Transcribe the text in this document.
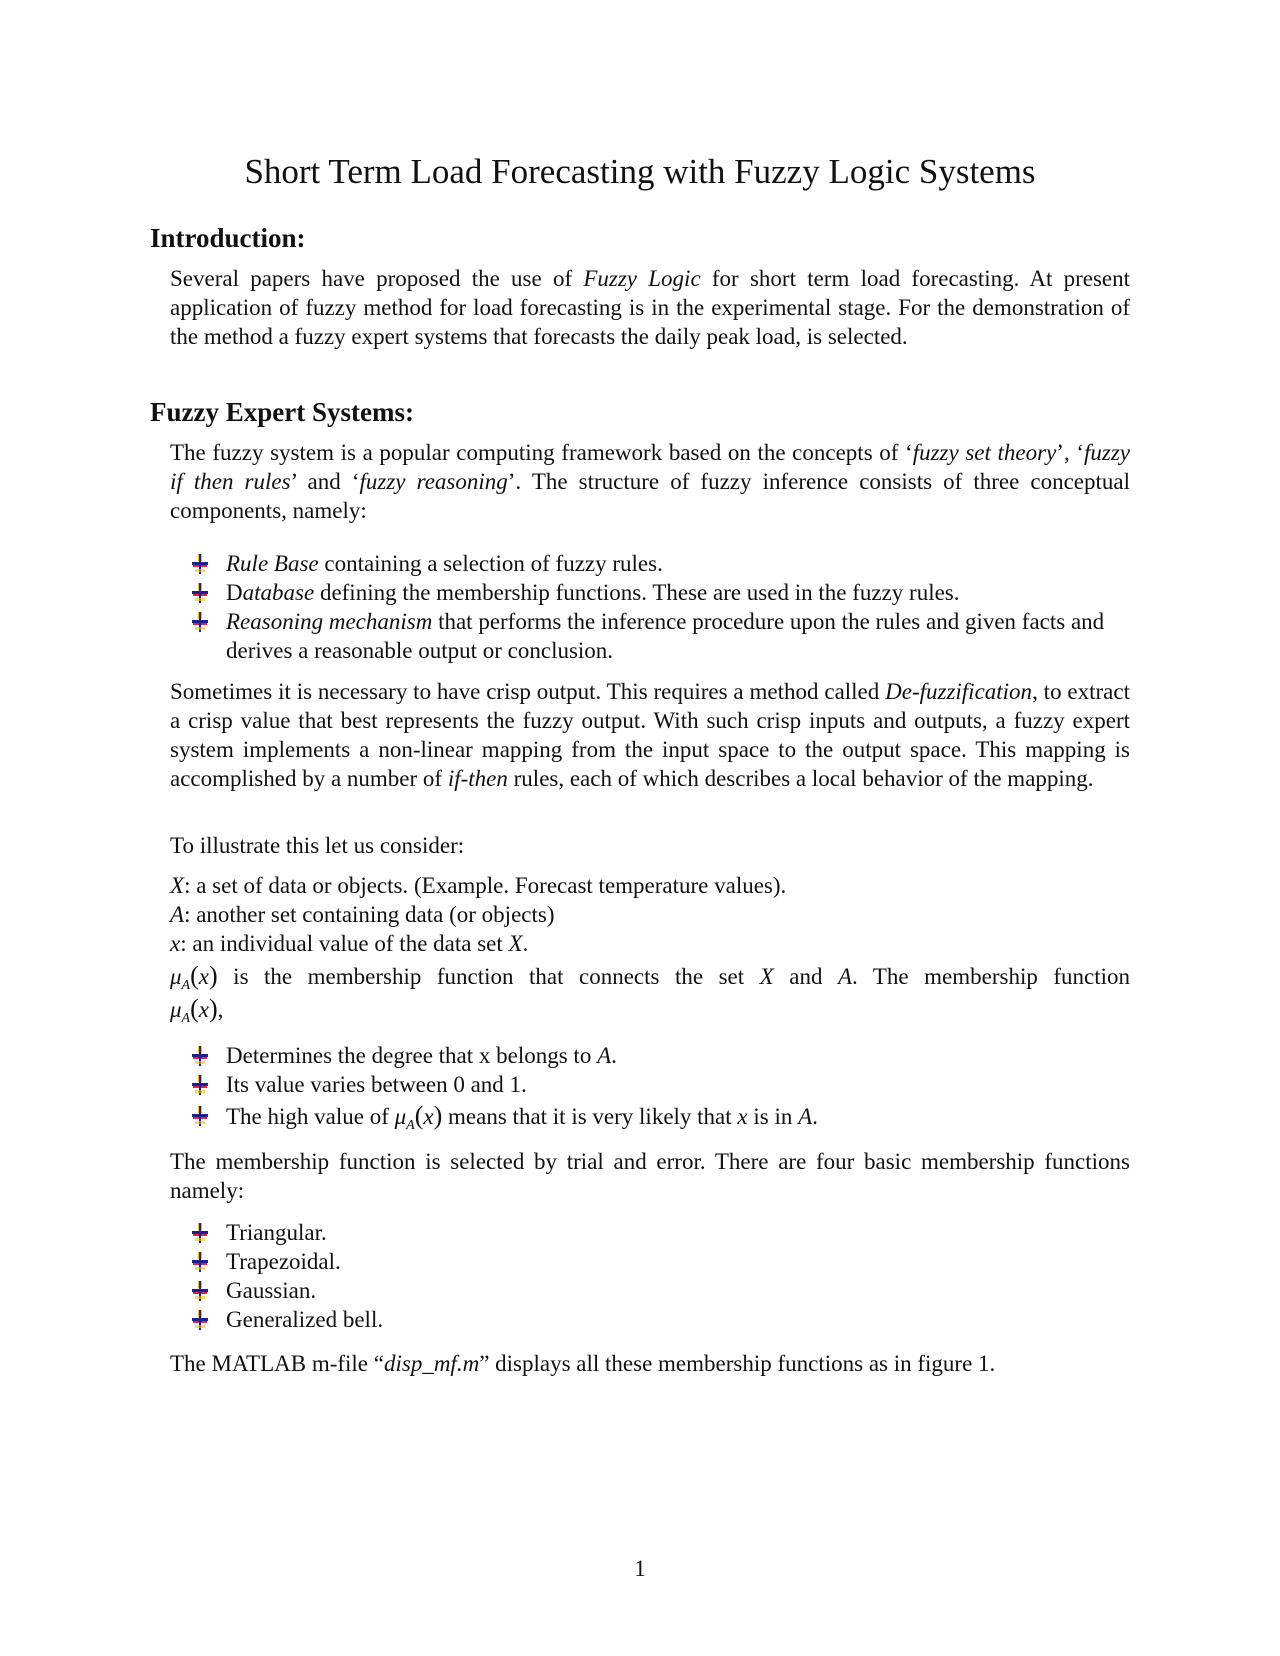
Short Term Load Forecasting with Fuzzy Logic Systems
Introduction:

Several papers have proposed the use of Fuzzy Logic for short term load forecasting. At present application of fuzzy method for load forecasting is in the experimental stage. For the demonstration of the method a fuzzy expert systems that forecasts the daily peak load, is selected.

Fuzzy Expert Systems:

The fuzzy system is a popular computing framework based on the concepts of ‘fuzzy set theory’, ‘fuzzy if then rules’ and ‘fuzzy reasoning’. The structure of fuzzy inference consists of three conceptual components, namely:

Rule Base containing a selection of fuzzy rules.
Database defining the membership functions. These are used in the fuzzy rules.
Reasoning mechanism that performs the inference procedure upon the rules and given facts and derives a reasonable output or conclusion.

Sometimes it is necessary to have crisp output. This requires a method called De-fuzzification, to extract a crisp value that best represents the fuzzy output. With such crisp inputs and outputs, a fuzzy expert system implements a non-linear mapping from the input space to the output space. This mapping is accomplished by a number of if-then rules, each of which describes a local behavior of the mapping.

To illustrate this let us consider:

X: a set of data or objects. (Example. Forecast temperature values).

A: another set containing data (or objects)

x: an individual value of the data set X.

$\mu_A(x)$ is the membership function that connects the set X and A. The membership function

$\mu_A(x)$,

Determines the degree that x belongs to A.
Its value varies between 0 and 1.
The high value of $\mu_A(x)$ means that it is very likely that x is in A.

The membership function is selected by trial and error. There are four basic membership functions namely:

Triangular.
Trapezoidal.
Gaussian.
Generalized bell.

The MATLAB m-file “disp_mf.m” displays all these membership functions as in figure 1.

1
